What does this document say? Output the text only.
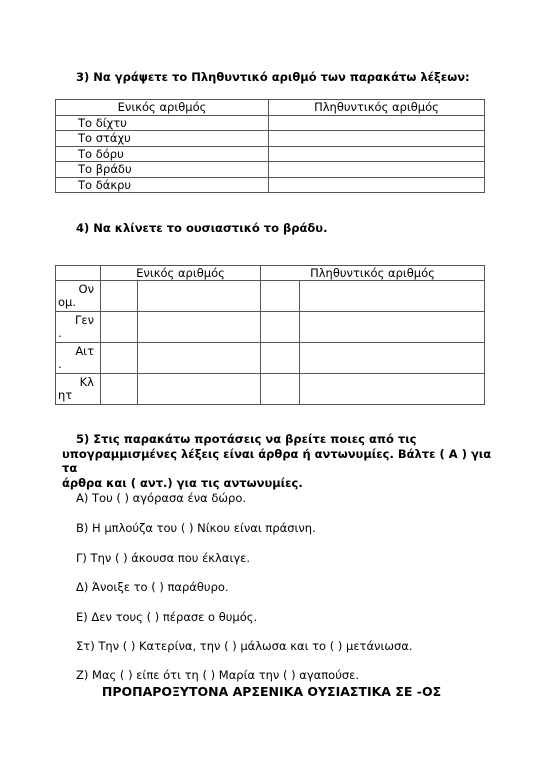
3) Να γράψετε το Πληθυντικό αριθμό των παρακάτω λέξεων:
Ενικός αριθμός	Πληθυντικός αριθμός
Το δίχτυ	
Το στάχυ	
Το δόρυ	
Το βράδυ	
Το δάκρυ	
4) Να κλίνετε το ουσιαστικό το βράδυ.
	Ενικός αριθμός		Πληθυντικός αριθμός	
Ον
ομ.				

Γεν
.				

Αιτ
.				

Κλ
ητ				

5) Στις παρακάτω προτάσεις να βρείτε ποιες από τις
υπογραμμισμένες λέξεις είναι άρθρα ή αντωνυμίες. Βάλτε ( Α ) για τα
άρθρα και ( αντ.) για τις αντωνυμίες.
Α) Του ( ) αγόρασα ένα δώρο.
Β) Η μπλούζα του ( ) Νίκου είναι πράσινη.
Γ) Την ( ) άκουσα που έκλαιγε.
Δ) Άνοιξε το ( ) παράθυρο.
Ε) Δεν τους ( ) πέρασε ο θυμός.
Στ) Την ( ) Κατερίνα, την ( ) μάλωσα και το ( ) μετάνιωσα.
Ζ) Μας ( ) είπε ότι τη ( ) Μαρία την ( ) αγαπούσε.
ΠΡΟΠΑΡΟΞΥΤΟΝΑ ΑΡΣΕΝΙΚΑ ΟΥΣΙΑΣΤΙΚΑ ΣΕ -ΟΣ
